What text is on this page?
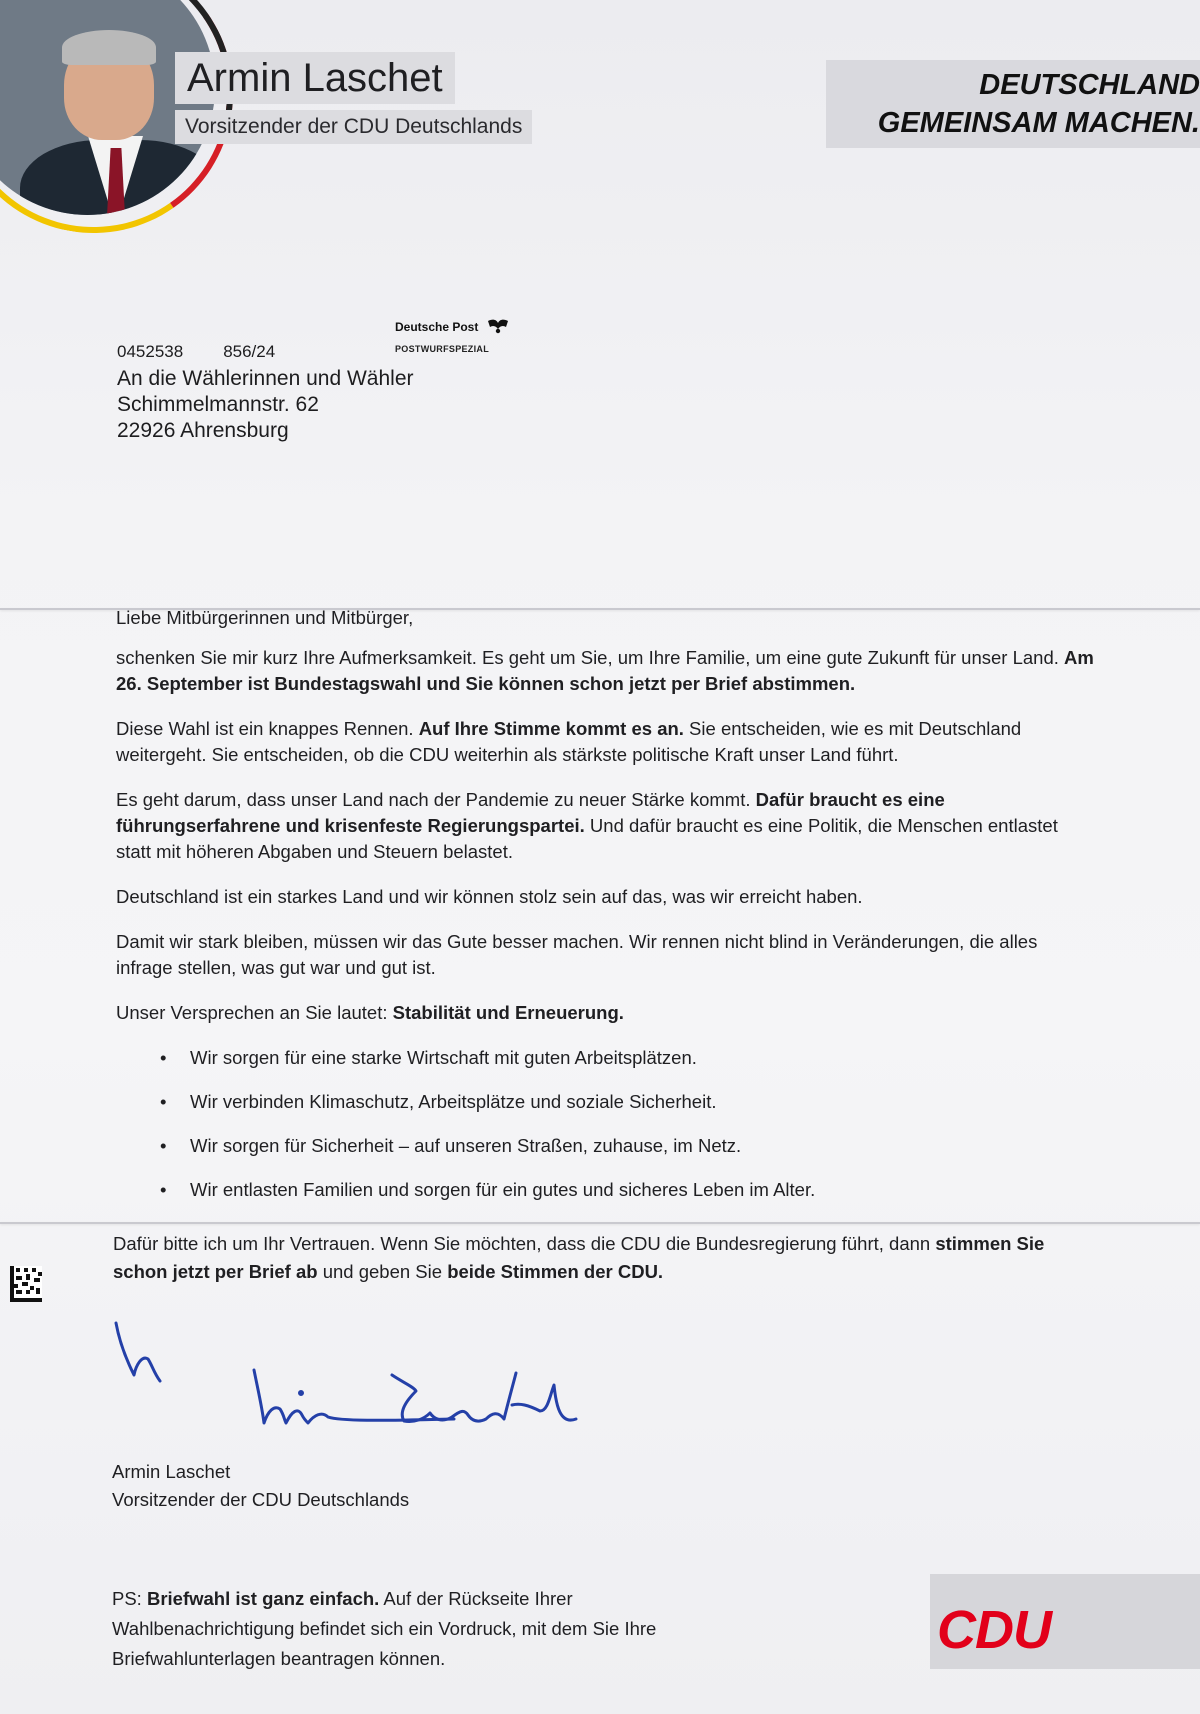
Armin Laschet
Vorsitzender der CDU Deutschlands
DEUTSCHLAND
GEMEINSAM MACHEN.
Deutsche Post
POSTWURFSPEZIAL
0452538 856/24
An die Wählerinnen und Wähler
Schimmelmannstr. 62
22926 Ahrensburg

Liebe Mitbürgerinnen und Mitbürger,

schenken Sie mir kurz Ihre Aufmerksamkeit. Es geht um Sie, um Ihre Familie, um eine gute Zukunft für unser Land. Am 26. September ist Bundestagswahl und Sie können schon jetzt per Brief abstimmen.

Diese Wahl ist ein knappes Rennen. Auf Ihre Stimme kommt es an. Sie entscheiden, wie es mit Deutschland weitergeht. Sie entscheiden, ob die CDU weiterhin als stärkste politische Kraft unser Land führt.

Es geht darum, dass unser Land nach der Pandemie zu neuer Stärke kommt. Dafür braucht es eine führungserfahrene und krisenfeste Regierungspartei. Und dafür braucht es eine Politik, die Menschen entlastet statt mit höheren Abgaben und Steuern belastet.

Deutschland ist ein starkes Land und wir können stolz sein auf das, was wir erreicht haben.

Damit wir stark bleiben, müssen wir das Gute besser machen. Wir rennen nicht blind in Veränderungen, die alles infrage stellen, was gut war und gut ist.

Unser Versprechen an Sie lautet: Stabilität und Erneuerung.

• Wir sorgen für eine starke Wirtschaft mit guten Arbeitsplätzen.
• Wir verbinden Klimaschutz, Arbeitsplätze und soziale Sicherheit.
• Wir sorgen für Sicherheit – auf unseren Straßen, zuhause, im Netz.
• Wir entlasten Familien und sorgen für ein gutes und sicheres Leben im Alter.
Dafür bitte ich um Ihr Vertrauen. Wenn Sie möchten, dass die CDU die Bundesregierung führt, dann stimmen Sie schon jetzt per Brief ab und geben Sie beide Stimmen der CDU.
Armin Laschet
Vorsitzender der CDU Deutschlands
PS: Briefwahl ist ganz einfach. Auf der Rückseite Ihrer Wahlbenachrichtigung befindet sich ein Vordruck, mit dem Sie Ihre Briefwahlunterlagen beantragen können.	CDU
